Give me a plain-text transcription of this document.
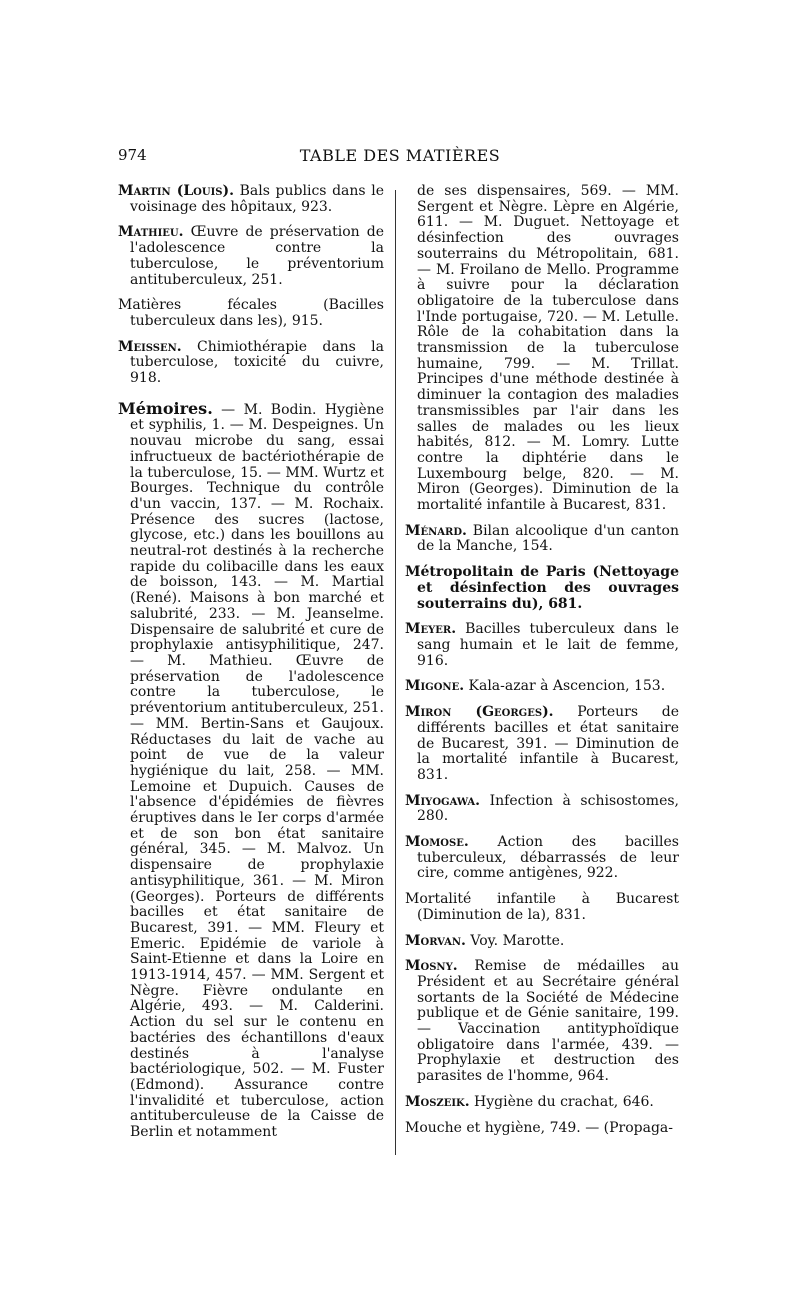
974	TABLE DES MATIÈRES

Martin (Louis). Bals publics dans le voisinage des hôpitaux, 923.

Mathieu. Œuvre de préservation de l'adolescence contre la tuberculose, le préventorium antituberculeux, 251.

Matières fécales (Bacilles tuberculeux dans les), 915.

Meissen. Chimiothérapie dans la tuberculose, toxicité du cuivre, 918.

Mémoires. — M. Bodin. Hygiène et syphilis, 1. — M. Despeignes. Un nouvau microbe du sang, essai infructueux de bactériothérapie de la tuberculose, 15. — MM. Wurtz et Bourges. Technique du contrôle d'un vaccin, 137. — M. Rochaix. Présence des sucres (lactose, glycose, etc.) dans les bouillons au neutral-rot destinés à la recherche rapide du colibacille dans les eaux de boisson, 143. — M. Martial (René). Maisons à bon marché et salubrité, 233. — M. Jeanselme. Dispensaire de salubrité et cure de prophylaxie antisyphilitique, 247. — M. Mathieu. Œuvre de préservation de l'adolescence contre la tuberculose, le préventorium antituberculeux, 251. — MM. Bertin-Sans et Gaujoux. Réductases du lait de vache au point de vue de la valeur hygiénique du lait, 258. — MM. Lemoine et Dupuich. Causes de l'absence d'épidémies de fièvres éruptives dans le Ier corps d'armée et de son bon état sanitaire général, 345. — M. Malvoz. Un dispensaire de prophylaxie antisyphilitique, 361. — M. Miron (Georges). Porteurs de différents bacilles et état sanitaire de Bucarest, 391. — MM. Fleury et Emeric. Epidémie de variole à Saint-Etienne et dans la Loire en 1913-1914, 457. — MM. Sergent et Nègre. Fièvre ondulante en Algérie, 493. — M. Calderini. Action du sel sur le contenu en bactéries des échantillons d'eaux destinés à l'analyse bactériologique, 502. — M. Fuster (Edmond). Assurance contre l'invalidité et tuberculose, action antituberculeuse de la Caisse de Berlin et notamment

de ses dispensaires, 569. — MM. Sergent et Nègre. Lèpre en Algérie, 611. — M. Duguet. Nettoyage et désinfection des ouvrages souterrains du Métropolitain, 681. — M. Froilano de Mello. Programme à suivre pour la déclaration obligatoire de la tuberculose dans l'Inde portugaise, 720. — M. Letulle. Rôle de la cohabitation dans la transmission de la tuberculose humaine, 799. — M. Trillat. Principes d'une méthode destinée à diminuer la contagion des maladies transmissibles par l'air dans les salles de malades ou les lieux habités, 812. — M. Lomry. Lutte contre la diphtérie dans le Luxembourg belge, 820. — M. Miron (Georges). Diminution de la mortalité infantile à Bucarest, 831.

Ménard. Bilan alcoolique d'un canton de la Manche, 154.

Métropolitain de Paris (Nettoyage et désinfection des ouvrages souterrains du), 681.

Meyer. Bacilles tuberculeux dans le sang humain et le lait de femme, 916.

Migone. Kala-azar à Ascencion, 153.

Miron (Georges). Porteurs de différents bacilles et état sanitaire de Bucarest, 391. — Diminution de la mortalité infantile à Bucarest, 831.

Miyogawa. Infection à schisostomes, 280.

Momose. Action des bacilles tuberculeux, débarrassés de leur cire, comme antigènes, 922.

Mortalité infantile à Bucarest (Diminution de la), 831.

Morvan. Voy. Marotte.

Mosny. Remise de médailles au Président et au Secrétaire général sortants de la Société de Médecine publique et de Génie sanitaire, 199. — Vaccination antityphoïdique obligatoire dans l'armée, 439. — Prophylaxie et destruction des parasites de l'homme, 964.

Moszeik. Hygiène du crachat, 646.

Mouche et hygiène, 749. — (Propaga-
